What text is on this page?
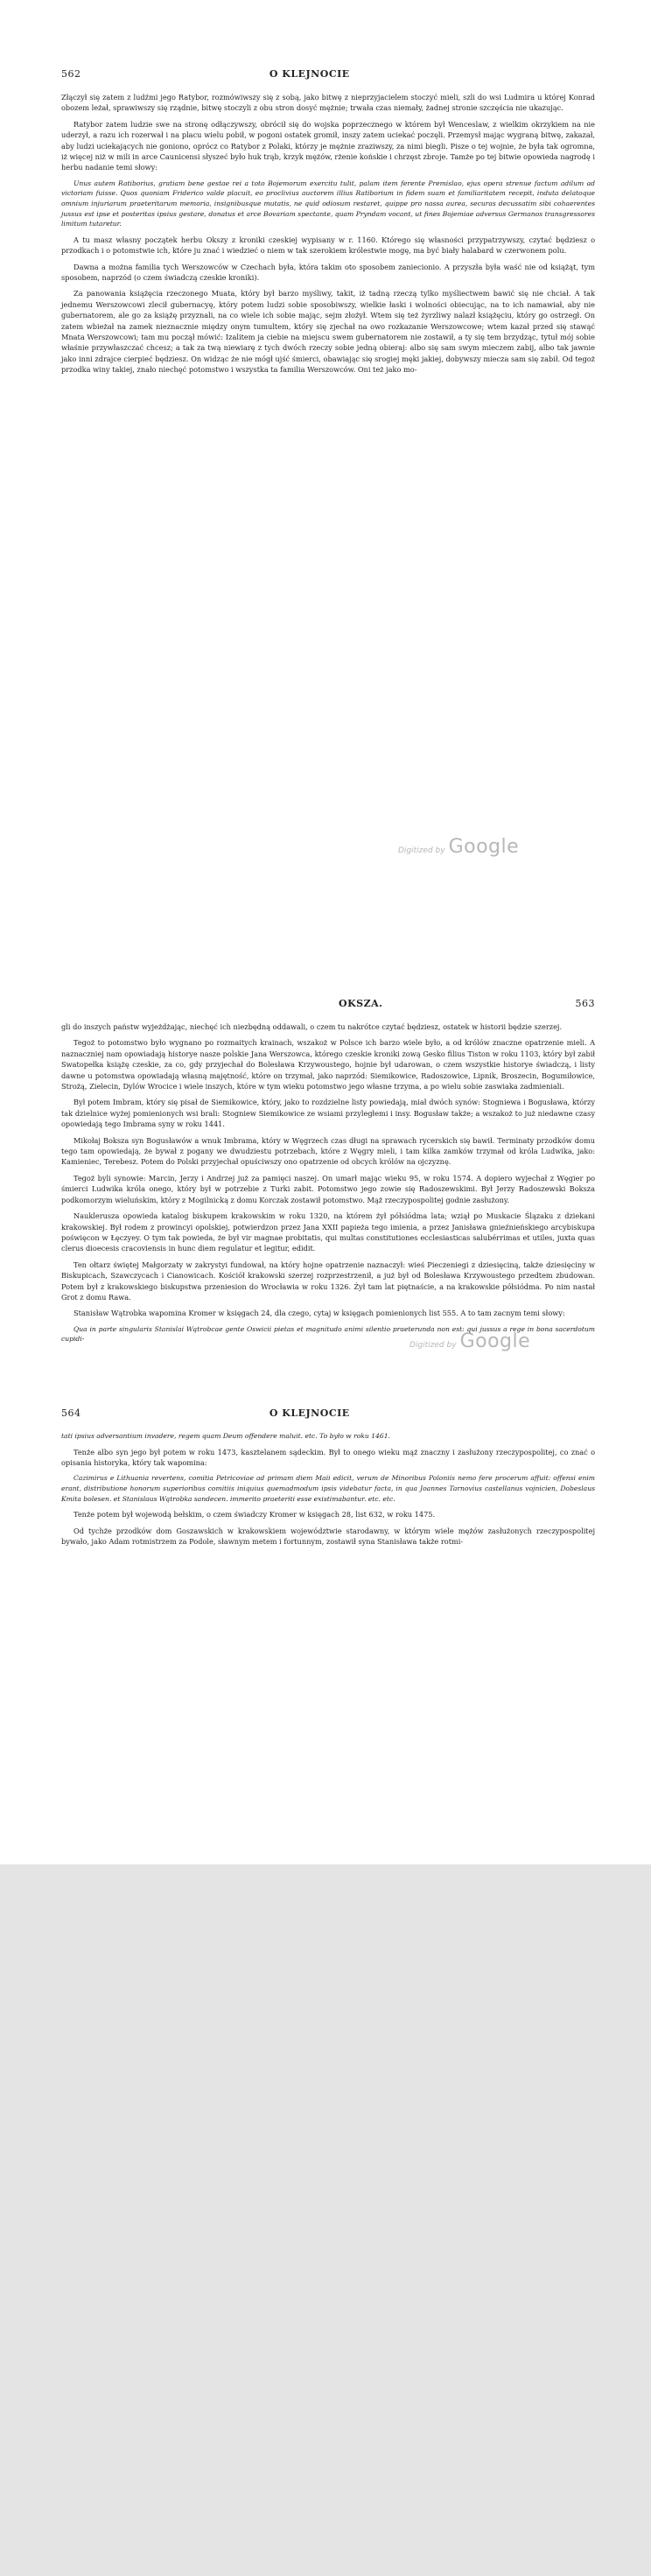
562	O KLEJNOCIE

Złączył się zatem z ludźmi jego Ratybor, rozmówiwszy się z sobą, jako bitwę z nieprzyjacielem stoczyć mieli, szli do wsi Ludmira u której Konrad obozem leżał, sprawiwszy się rządnie, bitwę stoczyli z obu stron dosyć mężnie; trwała czas niemały, żadnej stronie szczęścia nie ukazując.

Ratybor zatem ludzie swe na stronę odłączywszy, obrócił się do wojska poprzecznego w którem był Wenceslaw, z wielkim okrzykiem na nie uderzył, a razu ich rozerwał i na placu wielu pobił, w pogoni ostatek gromił, inszy zatem uciekać poczęli. Przemysł mając wygraną bitwę, zakazał, aby ludzi uciekających nie goniono, oprócz co Ratybor z Polaki, którzy je mężnie zraziwszy, za nimi biegli. Pisze o tej wojnie, że była tak ogromna, iż więcej niż w mili in arce Caunicensi słyszeć było huk trąb, krzyk mężów, rżenie końskie i chrzęst zbroje. Tamże po tej bitwie opowieda nagrodę i herbu nadanie temi słowy:

Unus autem Ratiborius, gratiam bene gestae rei a toto Bojemorum exercitu tulit, palam item ferente Premislao, ejus opera strenue factum adilum ad victoriam fuisse. Quos quoniam Friderico valde placuit, eo proclivius auctorem illius Ratiborium in fidem suam et familiaritatem recepit, induta delatoque omnium injuriarum praeteritarum memoria, insignibusque mutatis, ne quid odiosum restaret, quippe pro nassa aurea, securas decussatim sibi cohaerentes jussus est ipse et posteritas ipsius gestare, donatus et arce Bovariam spectante, quam Pryndam vocant, ut fines Bojemiae adversus Germanos transgressores limitum tutaretur.

A tu masz własny początek herbu Okszy z kroniki czeskiej wypisany w r. 1160. Którego się własności przypatrzywszy, czytać będziesz o przodkach i o potomstwie ich, które ju znać i wiedzieć o niem w tak szerokiem królestwie mogę, ma być biały halabard w czerwonem polu.

Dawna a można familia tych Werszowców w Czechach była, która takim oto sposobem zaniecionio. A przyszła była waść nie od książąt, tym sposobem, naprzód (o czem świadczą czeskie kroniki).

Za panowania książęcia rzeczonego Muata, który był barzo myśliwy, takit, iż tadną rzeczą tylko myśliectwem bawić się nie chciał. A tak jednemu Werszowcowi zlecił gubernacyę, który potem ludzi sobie sposobiwszy, wielkie łaski i wolności obiecując, na to ich namawiał, aby nie gubernatorem, ale go za książę przyznali, na co wiele ich sobie mając, sejm złożył. Wtem się też żyrzliwy nalazł książęciu, który go ostrzegł. On zatem wbieżał na zamek nieznacznie między onym tumultem, który się zjechał na owo rozkazanie Werszowcowe; wtem kazał przed się stawąć Mnata Werszowcowi; tam mu począł mówić: Izalitem ja ciebie na miejscu swem gubernatorem nie zostawił, a ty się tem brzydząc, tytuł mój sobie właśnie przywłaszczać chcesz; a tak za twą niewiarę z tych dwóch rzeczy sobie jedną obieraj: albo się sam swym mieczem zabij, albo tak jawnie jako inni zdrajce cierpieć będziesz. On widząc że nie mógł ujść śmierci, obawiając się srogiej męki jakiej, dobywszy miecza sam się zabił. Od tegoż przodka winy takiej, znało niechęć potomstwo i wszystka ta familia Werszowców. Oni też jako mo-

Digitized by Google
OKSZA.	563

gli do inszych państw wyjeżdżając, niechęć ich niezbędną oddawali, o czem tu nakrótce czytać będziesz, ostatek w historii będzie szerzej.

Tegoż to potomstwo było wygnano po rozmaitych krainach, wszakoż w Polsce ich barzo wiele było, a od królów znaczne opatrzenie mieli. A naznaczniej nam opowiadają historye nasze polskie Jana Werszowca, którego czeskie kroniki zową Gesko filius Tiston w roku 1103, który był zabił Swatopełka książę czeskie, za co, gdy przyjechał do Bolesława Krzywoustego, hojnie był udarowan, o czem wszystkie historye świadczą, i listy dawne u potomstwa opowiadają własną majętność, które on trzymał, jako naprzód: Siemikowice, Radoszowice, Lipnik, Broszecin, Bogumiłowice, Strożą, Zielecin, Dylów Wrocice i wiele inszych, które w tym wieku potomstwo jego własne trzyma, a po wielu sobie zaswiaka zadmieniali.

Był potem Imbram, który się pisał de Siemikowice, który, jako to rozdzielne listy powiedają, miał dwóch synów: Stogniewa i Bogusława, którzy tak dzielnice wyżej pomienionych wsi brali: Stogniew Siemikowice ze wsiami przyległemi i insy. Bogusław także; a wszakoż to już niedawne czasy opowiedają tego Imbrama syny w roku 1441.

Mikołaj Boksza syn Bogusławów a wnuk Imbrama, który w Węgrzech czas długi na sprawach rycerskich się bawił. Terminaty przodków domu tego tam opowiedają, że bywał z pogany we dwudziestu potrzebach, które z Węgry mieli, i tam kilka zamków trzymał od króla Ludwika, jako: Kamieniec, Terebesz. Potem do Polski przyjechał opuściwszy ono opatrzenie od obcych królów na ojczyznę.

Tegoż byli synowie: Marcin, Jerzy i Andrzej już za pamięci naszej. On umarł mając wieku 95, w roku 1574. A dopiero wyjechał z Węgier po śmierci Ludwika króla onego, który był w potrzebie z Turki zabit. Potomstwo jego zowie się Radoszewskimi. Był Jerzy Radoszewski Boksza podkomorzym wieluńskim, który z Mogilnicką z domu Korczak zostawił potomstwo. Mąż rzeczypospolitej godnie zasłużony.

Nauklerusza opowieda katalog biskupem krakowskim w roku 1320, na którem żył półsiódma lata; wziął po Muskacie Ślązaku z dziekani krakowskiej. Był rodem z prowincyi opolskiej, potwierdzon przez Jana XXII papieża tego imienia, a przez Janisława gnieźnieńskiego arcybiskupa poświęcon w Łęczyey. O tym tak powieda, że był vir magnae probitatis, qui multas constitutiones ecclesiasticas salubérrimas et utiles, juxta quas clerus dioecesis cracoviensis in hunc diem regulatur et legitur, edidit.

Ten ołtarz świętej Małgorzaty w zakrystyi fundował, na który hojne opatrzenie naznaczył: wieś Pieczeniegi z dziesięciną, także dziesięciny w Biskupicach, Szawczycach i Cianowicach. Kościół krakowski szerzej rozprzestrzenił, a już był od Bolesława Krzywoustego przedtem zbudowan. Potem był z krakowskiego biskupstwa przeniesion do Wrocławia w roku 1326. Żył tam lat piętnaście, a na krakowskie półsiódma. Po nim nastał Grot z domu Rawa.

Stanisław Wątrobka wapomina Kromer w księgach 24, dla czego, cytaj w księgach pomienionych list 555. A to tam zacnym temi słowy:

Qua in parte singularis Stanislai Wątrobcae gente Oswicii pietas et magnitudo animi silentio praeterunda non est: qui jussus a rege in bona sacerdotum cupidi-

Digitized by Google
564	O KLEJNOCIE

tati ipsius adversantium invadere, regem quam Deum offendere maluit. etc. To było w roku 1461.

Tenże albo syn jego był potem w roku 1473, kasztelanem sądeckim. Był to onego wieku mąż znaczny i zasłużony rzeczypospolitej, co znać o opisania historyka, który tak wapomina:

Cazimirus e Lithuania revertens, comitia Petricoviae ad primam diem Maii edicit, verum de Minoribus Poloniis nemo fere procerum affuit: offensi enim erant, distributione honorum superioribus comitiis iniquius quemadmodum ipsis videbatur facta, in qua Joannes Tarnovius castellanus vojnicien, Dobeslaus Kmita bolesen. et Stanislaus Wątrobka sandecen. immerito praeteriti esse existimabantur. etc. etc.

Tenże potem był wojewodą bełskim, o czem świadczy Kromer w księgach 28, list 632, w roku 1475.

Od tychże przodków dom Goszawskich w krakowskiem województwie starodawny, w którym wiele mężów zasłużonych rzeczypospolitej bywało, jako Adam rotmistrzem za Podole, sławnym metem i fortunnym, zostawił syna Stanisława także rotmi-
